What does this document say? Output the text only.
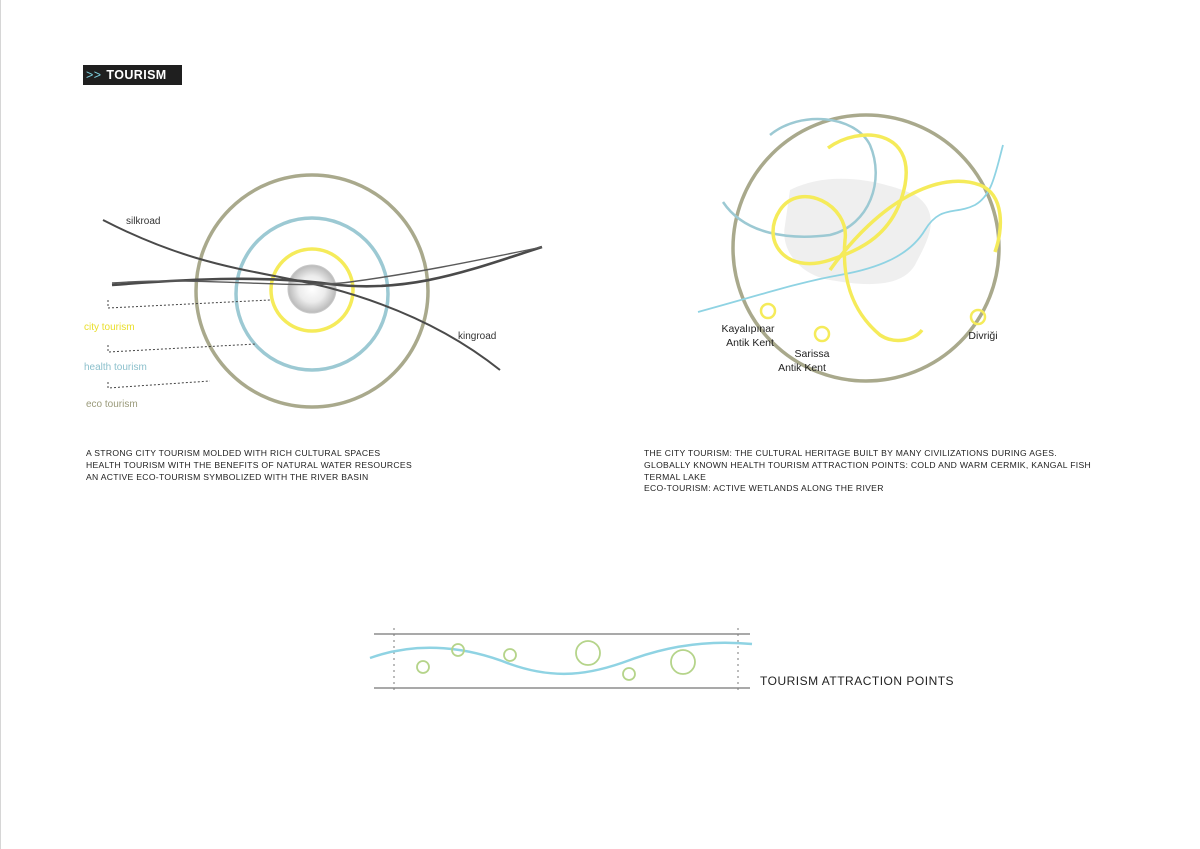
>> TOURISM
silkroad
kingroad
city tourism
health tourism
eco tourism
Kayalıpınar
Antik Kent
Sarissa
Antik Kent
Divriği
A STRONG CITY TOURISM MOLDED WITH RICH CULTURAL SPACES
HEALTH TOURISM WITH THE BENEFITS OF NATURAL WATER RESOURCES
AN ACTIVE ECO-TOURISM SYMBOLIZED WITH THE RIVER BASIN
THE CITY TOURISM: THE CULTURAL HERITAGE BUILT BY MANY CIVILIZATIONS DURING AGES.
GLOBALLY KNOWN HEALTH TOURISM ATTRACTION POINTS: COLD AND WARM CERMIK, KANGAL FISH
TERMAL LAKE
ECO-TOURISM: ACTIVE WETLANDS ALONG THE RIVER
TOURISM ATTRACTION POINTS
